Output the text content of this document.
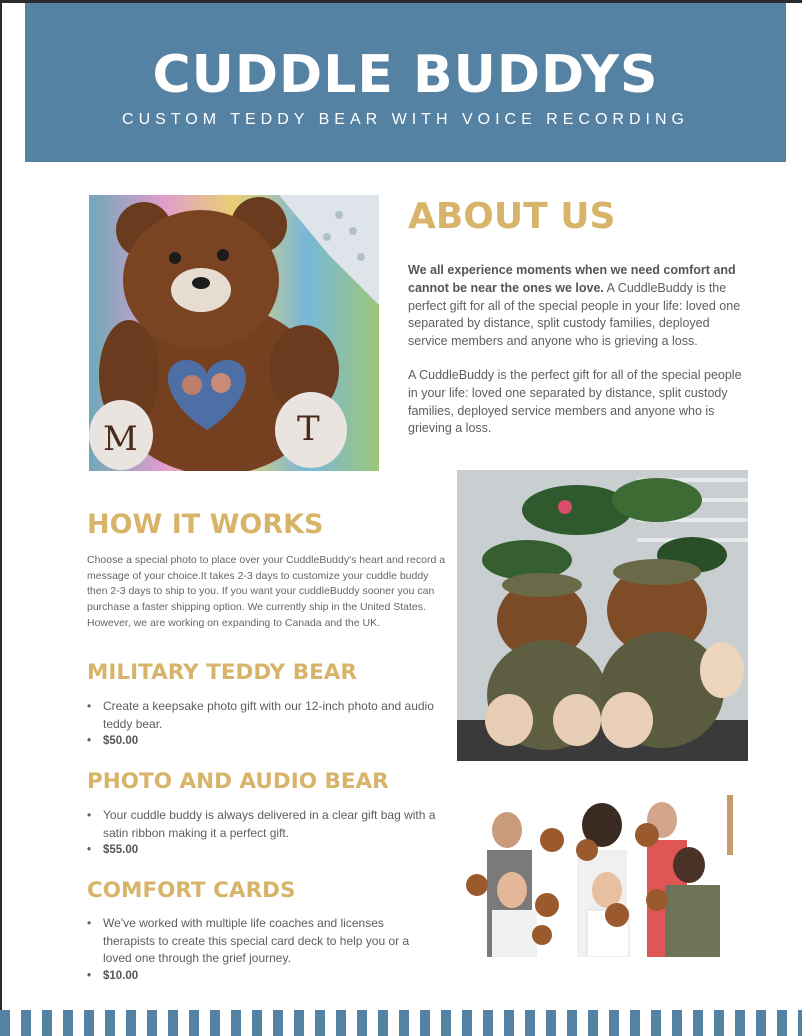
CUDDLE BUDDYS
CUSTOM TEDDY BEAR WITH VOICE RECORDING
M	T
ABOUT US

We all experience moments when we need comfort and cannot be near the ones we love. A CuddleBuddy is the perfect gift for all of the special people in your life: loved one separated by distance, split custody families, deployed service members and anyone who is grieving a loss.

A CuddleBuddy is the perfect gift for all of the special people in your life: loved one separated by distance, split custody families, deployed service members and anyone who is grieving a loss.

HOW IT WORKS

Choose a special photo to place over your CuddleBuddy's heart and record a message of your choice.It takes 2-3 days to customize your cuddle buddy then 2-3 days to ship to you. If you want your cuddleBuddy sooner you can purchase a faster shipping option. We currently ship in the United States. However, we are working on expanding to Canada and the UK.

MILITARY TEDDY BEAR
• Create a keepsake photo gift with our 12-inch photo and audio teddy bear.
• $50.00
PHOTO AND AUDIO BEAR
• Your cuddle buddy is always delivered in a clear gift bag with a satin ribbon making it a perfect gift.
• $55.00
COMFORT CARDS
• We've worked with multiple life coaches and licenses therapists to create this special card deck to help you or a loved one through the grief journey.
• $10.00
